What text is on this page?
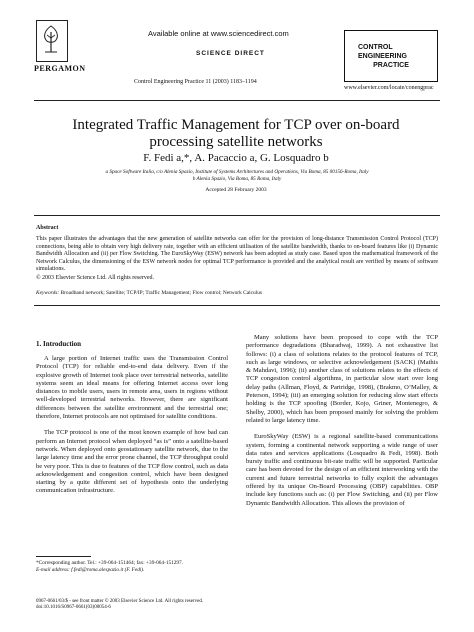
PERGAMON
Available online at www.sciencedirect.com
SCIENCE DIRECT
Control Engineering Practice 11 (2003) 1183–1194
CONTROL ENGINEERING
PRACTICE
www.elsevier.com/locate/conengprac
Integrated Traffic Management for TCP over on-board processing satellite networks
F. Fedi a,*, A. Pacaccio a, G. Losquadro b
a Space Software Italia, c/o Alenia Spazio, Institute of Systems Architectures and Operations, Via Boma, 85 00156-Roma, Italy
b Alenia Spazio, Via Boma, 85 Roma, Italy
Accepted 28 February 2003
Abstract
This paper illustrates the advantages that the new generation of satellite networks can offer for the provision of long-distance Transmission Control Protocol (TCP) connections, being able to obtain very high delivery rate, together with an efficient utilisation of the satellite bandwidth, thanks to on-board features like (i) Dynamic Bandwidth Allocation and (ii) per Flow Switching. The EuroSkyWay (ESW) network has been adopted as study case. Based upon the mathematical framework of the Network Calculus, the dimensioning of the ESW network nodes for optimal TCP performance is provided and the analytical result are verified by means of software simulations.
© 2003 Elsevier Science Ltd. All rights reserved.
Keywords: Broadband network; Satellite; TCP/IP; Traffic Management; Flow control; Network Calculus
1. Introduction

A large portion of Internet traffic uses the Transmission Control Protocol (TCP) for reliable end-to-end data delivery. Even if the explosive growth of Internet took place over terrestrial networks, satellite systems seem an ideal means for offering Internet access over long distances to mobile users, users in remote area, users in regions without well-developed terrestrial networks. However, there are significant differences between the satellite environment and the terrestrial one; therefore, Internet protocols are not optimised for satellite conditions.

The TCP protocol is one of the most known example of how bad can perform an Internet protocol when deployed “as is” onto a satellite-based network. When deployed onto geostationary satellite network, due to the large latency time and the error prone channel, the TCP throughput could be very poor. This is due to features of the TCP flow control, such as data acknowledgement and congestion control, which have been designed starting by a quite different set of hypothesis onto the underlying communication infrastructure.

Many solutions have been proposed to cope with the TCP performance degradations (Bharadwaj, 1999). A not exhaustive list follows: (i) a class of solutions relates to the protocol features of TCP, such as large windows, or selective acknowledgement (SACK) (Mathis & Mahdavi, 1996); (ii) another class of solutions relates to the effects of TCP congestion control algorithms, in particular slow start over long delay paths (Allman, Floyd, & Partridge, 1998), (Brakmo, O’Malley, & Peterson, 1994); (iii) an emerging solution for reducing slow start effects holding is the TCP spoofing (Border, Kojo, Griner, Montenegro, & Shelby, 2000), which has been proposed mainly for solving the problem related to large latency time.

EuroSkyWay (ESW) is a regional satellite-based communications system, forming a continental network supporting a wide range of user data rates and services applications (Losquadro & Fedi, 1998). Both bursty traffic and continuous bit-rate traffic will be supported. Particular care has been devoted for the design of an efficient interworking with the current and future terrestrial networks to fully exploit the advantages offered by its unique On-Board Processing (OBP) capabilities. OBP include key functions such as: (i) per Flow Switching, and (ii) per Flow Dynamic Bandwidth Allocation. This allows the provision of

*Corresponding author. Tel.: +39-064-151464; fax: +39-064-151297.
E-mail address: f.fedi@roma.alespazio.it (F. Fedi).
0967-0661/03/$ - see front matter © 2003 Elsevier Science Ltd. All rights reserved.
doi:10.1016/S0967-0661(03)00054-6
